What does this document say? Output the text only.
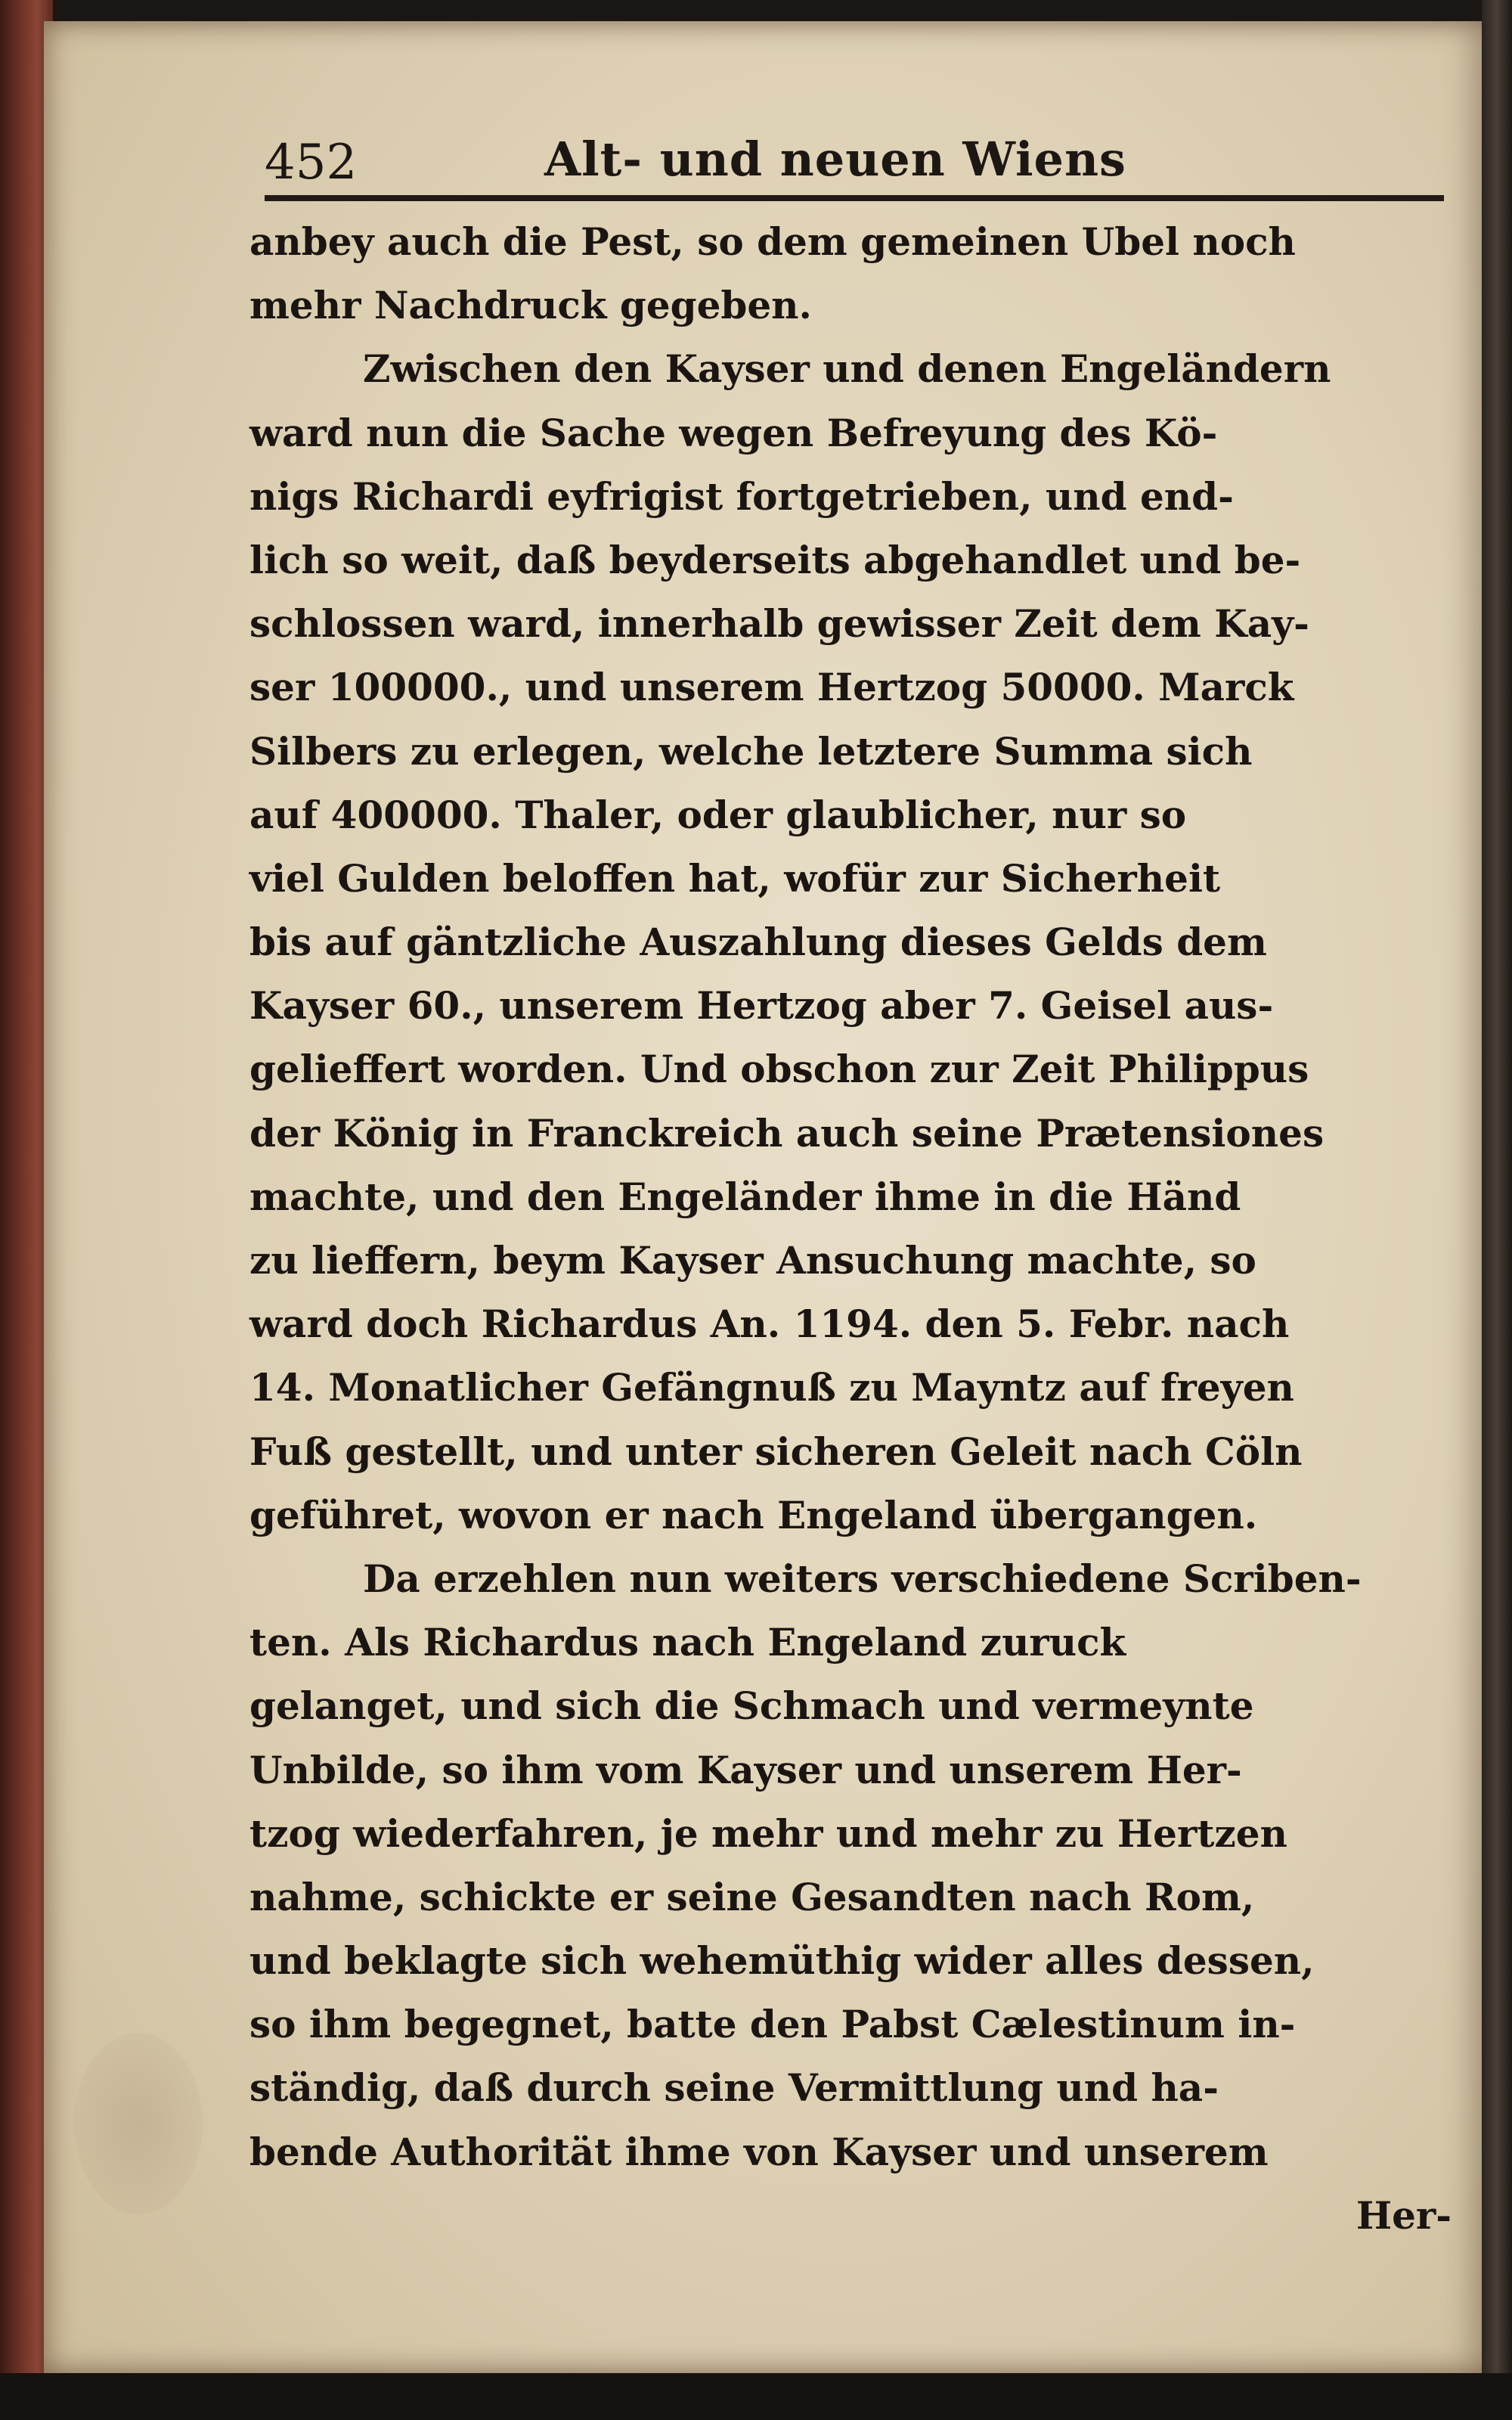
452	Alt- und neuen Wiens
anbey auch die Pest, so dem gemeinen Ubel noch
mehr Nachdruck gegeben.
Zwischen den Kayser und denen Engeländern
ward nun die Sache wegen Befreyung des Kö-
nigs Richardi eyfrigist fortgetrieben, und end-
lich so weit, daß beyderseits abgehandlet und be-
schlossen ward, innerhalb gewisser Zeit dem Kay-
ser 100000., und unserem Hertzog 50000. Marck
Silbers zu erlegen, welche letztere Summa sich
auf 400000. Thaler, oder glaublicher, nur so
viel Gulden beloffen hat, wofür zur Sicherheit
bis auf gäntzliche Auszahlung dieses Gelds dem
Kayser 60., unserem Hertzog aber 7. Geisel aus-
gelieffert worden. Und obschon zur Zeit Philippus
der König in Franckreich auch seine Prætensiones
machte, und den Engeländer ihme in die Händ
zu lieffern, beym Kayser Ansuchung machte, so
ward doch Richardus An. 1194. den 5. Febr. nach
14. Monatlicher Gefängnuß zu Mayntz auf freyen
Fuß gestellt, und unter sicheren Geleit nach Cöln
geführet, wovon er nach Engeland übergangen.
Da erzehlen nun weiters verschiedene Scriben-
ten. Als Richardus nach Engeland zuruck
gelanget, und sich die Schmach und vermeynte
Unbilde, so ihm vom Kayser und unserem Her-
tzog wiederfahren, je mehr und mehr zu Hertzen
nahme, schickte er seine Gesandten nach Rom,
und beklagte sich wehemüthig wider alles dessen,
so ihm begegnet, batte den Pabst Cælestinum in-
ständig, daß durch seine Vermittlung und ha-
bende Authorität ihme von Kayser und unserem
Her-
